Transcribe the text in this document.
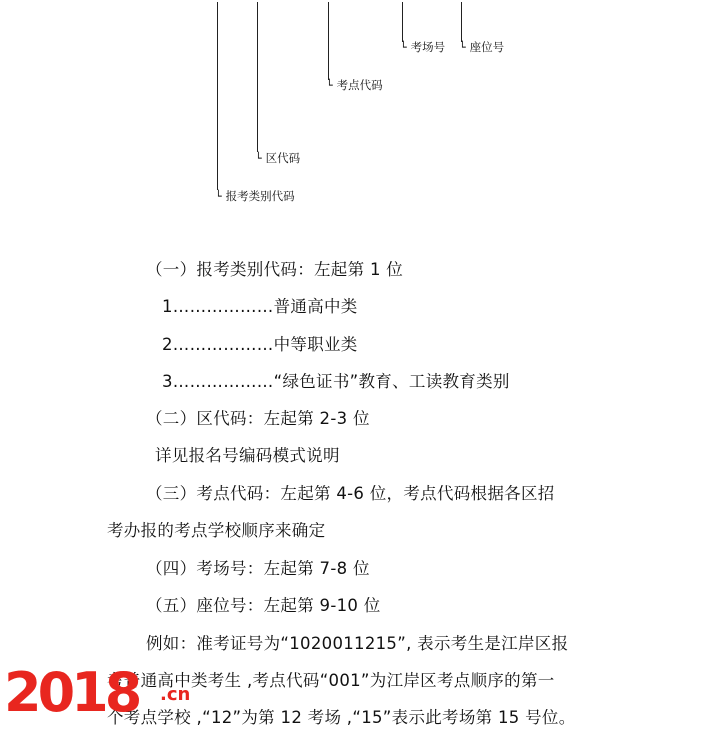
└ 考场号 └ 座位号
└ 考点代码
└ 区代码
└ 报考类别代码
（一）报考类别代码：左起第 1 位
1………………普通高中类
2………………中等职业类
3………………“绿色证书”教育、工读教育类别
（二）区代码：左起第 2-3 位
详见报名号编码模式说明
（三）考点代码：左起第 4-6 位，考点代码根据各区招
考办报的考点学校顺序来确定
（四）考场号：左起第 7-8 位
（五）座位号：左起第 9-10 位
例如：准考证号为“1020011215”, 表示考生是江岸区报
考普通高中类考生 ,考点代码“001”为江岸区考点顺序的第一
个考点学校 ,“12”为第 12 考场 ,“15”表示此考场第 15 号位。
2018 .cn
